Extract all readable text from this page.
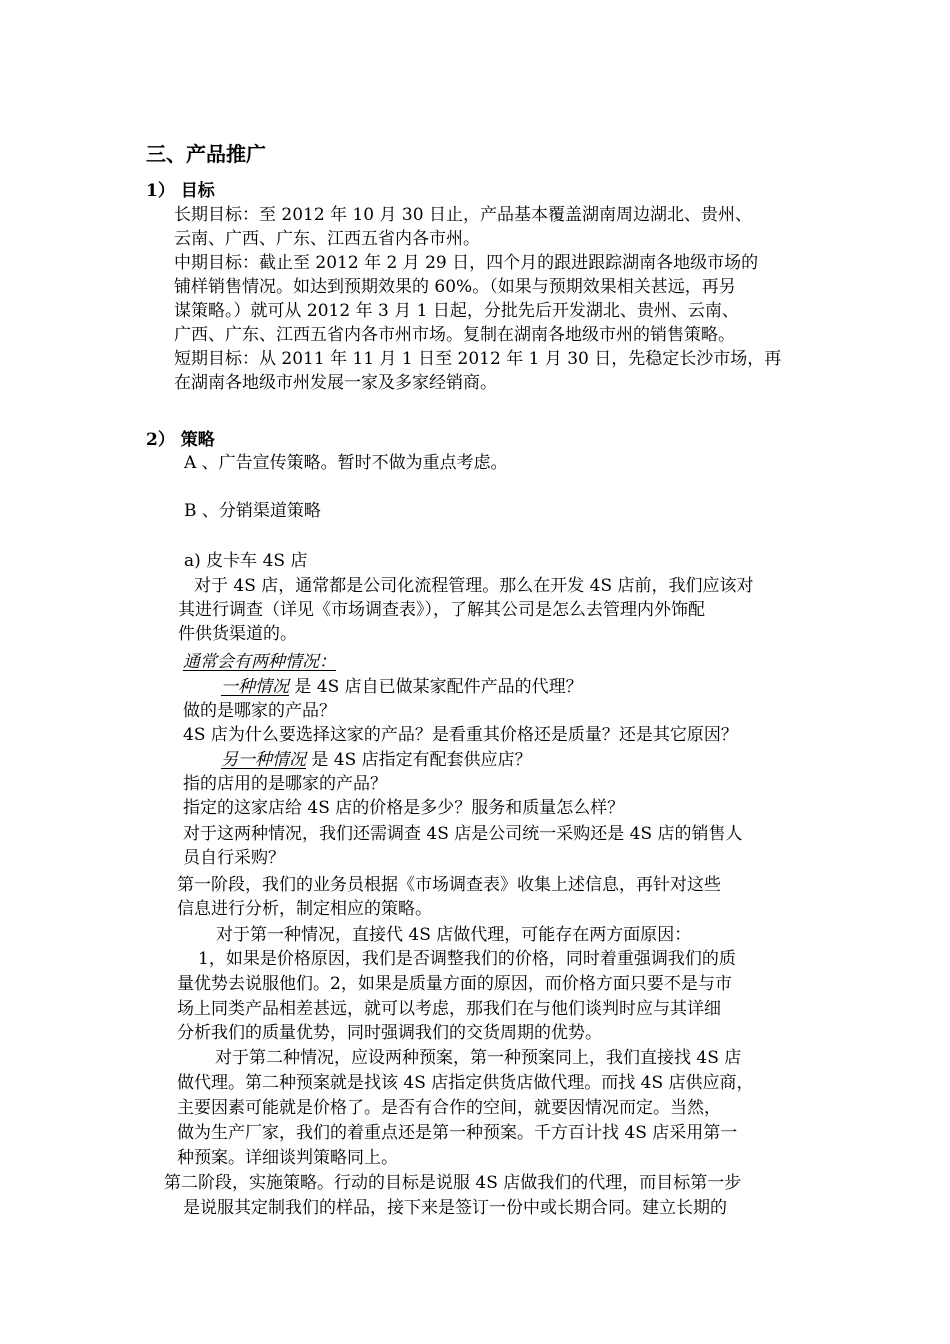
三、产品推广
1） 目标
长期目标：至 2012 年 10 月 30 日止，产品基本覆盖湖南周边湖北、贵州、
云南、广西、广东、江西五省内各市州。
中期目标：截止至 2012 年 2 月 29 日，四个月的跟进跟踪湖南各地级市场的
铺样销售情况。如达到预期效果的 60%。（如果与预期效果相关甚远，再另
谋策略。）就可从 2012 年 3 月 1 日起，分批先后开发湖北、贵州、云南、
广西、广东、江西五省内各市州市场。复制在湖南各地级市州的销售策略。
短期目标：从 2011 年 11 月 1 日至 2012 年 1 月 30 日，先稳定长沙市场，再
在湖南各地级市州发展一家及多家经销商。
2） 策略
A 、广告宣传策略。暂时不做为重点考虑。
B 、分销渠道策略
a) 皮卡车 4S 店
对于 4S 店，通常都是公司化流程管理。那么在开发 4S 店前，我们应该对
其进行调查（详见《市场调查表》），了解其公司是怎么去管理内外饰配
件供货渠道的。
通常会有两种情况：
一种情况 是 4S 店自已做某家配件产品的代理？
做的是哪家的产品？
4S 店为什么要选择这家的产品？是看重其价格还是质量？还是其它原因？
另一种情况 是 4S 店指定有配套供应店？
指的店用的是哪家的产品？
指定的这家店给 4S 店的价格是多少？服务和质量怎么样？
对于这两种情况，我们还需调查 4S 店是公司统一采购还是 4S 店的销售人
员自行采购？
第一阶段，我们的业务员根据《市场调查表》收集上述信息，再针对这些
信息进行分析，制定相应的策略。
对于第一种情况，直接代 4S 店做代理，可能存在两方面原因：
1，如果是价格原因，我们是否调整我们的价格，同时着重强调我们的质
量优势去说服他们。2，如果是质量方面的原因，而价格方面只要不是与市
场上同类产品相差甚远，就可以考虑，那我们在与他们谈判时应与其详细
分析我们的质量优势，同时强调我们的交货周期的优势。
对于第二种情况，应设两种预案，第一种预案同上，我们直接找 4S 店
做代理。第二种预案就是找该 4S 店指定供货店做代理。而找 4S 店供应商，
主要因素可能就是价格了。是否有合作的空间，就要因情况而定。当然，
做为生产厂家，我们的着重点还是第一种预案。千方百计找 4S 店采用第一
种预案。详细谈判策略同上。
第二阶段，实施策略。行动的目标是说服 4S 店做我们的代理，而目标第一步
是说服其定制我们的样品，接下来是签订一份中或长期合同。建立长期的
